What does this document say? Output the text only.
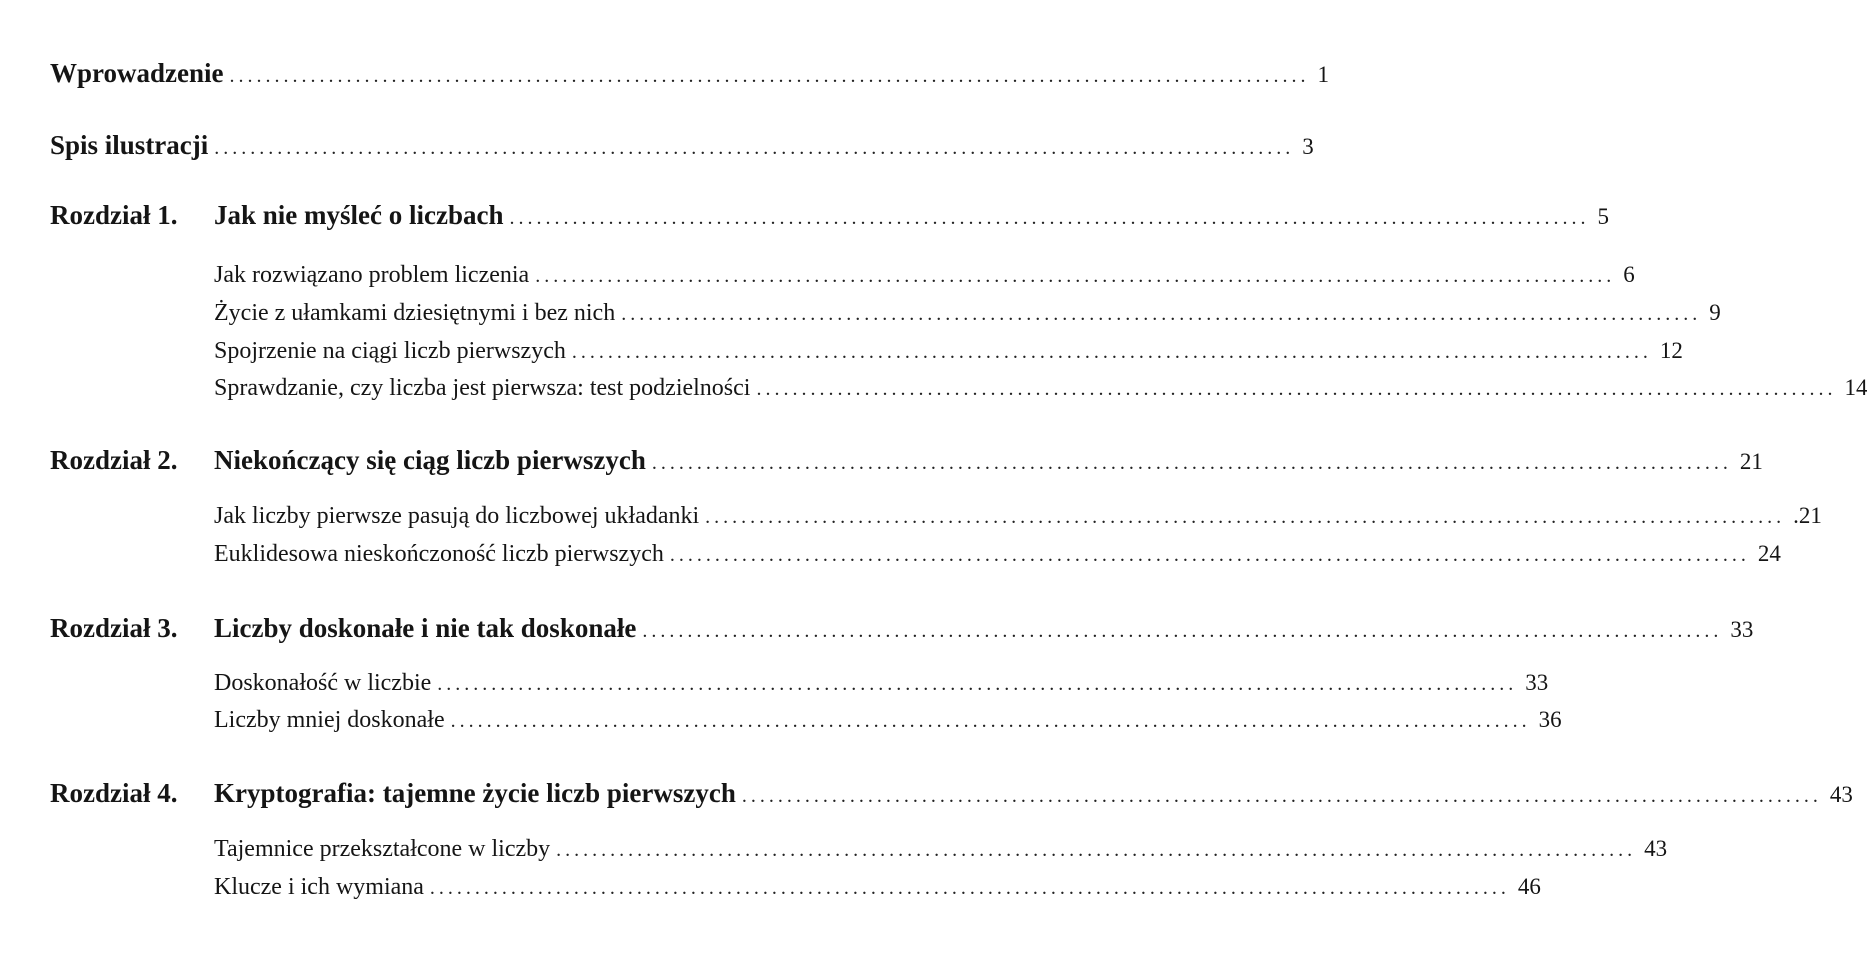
Wprowadzenie ........................................................................................................................ 1
Spis ilustracji ........................................................................................................................ 3
Rozdział 1. Jak nie myśleć o liczbach ........................................................................................................................ 5
Jak rozwiązano problem liczenia ........................................................................................................................ 6
Życie z ułamkami dziesiętnymi i bez nich ........................................................................................................................ 9
Spojrzenie na ciągi liczb pierwszych ........................................................................................................................ 12
Sprawdzanie, czy liczba jest pierwsza: test podzielności ........................................................................................................................ 14
Rozdział 2. Niekończący się ciąg liczb pierwszych ........................................................................................................................ 21
Jak liczby pierwsze pasują do liczbowej układanki ........................................................................................................................ .21
Euklidesowa nieskończoność liczb pierwszych ........................................................................................................................ 24
Rozdział 3. Liczby doskonałe i nie tak doskonałe ........................................................................................................................ 33
Doskonałość w liczbie ........................................................................................................................ 33
Liczby mniej doskonałe ........................................................................................................................ 36
Rozdział 4. Kryptografia: tajemne życie liczb pierwszych ........................................................................................................................ 43
Tajemnice przekształcone w liczby ........................................................................................................................ 43
Klucze i ich wymiana ........................................................................................................................ 46
